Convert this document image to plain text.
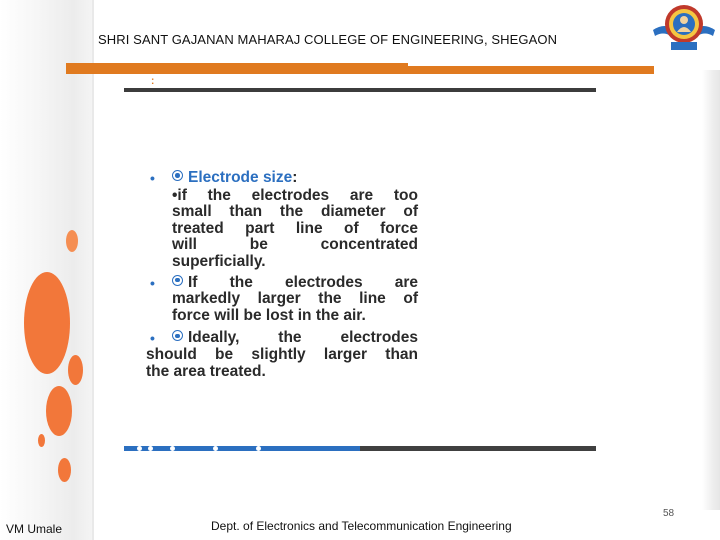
SHRI SANT GAJANAN MAHARAJ COLLEGE OF ENGINEERING, SHEGAON
:
• Electrode size:
•if the electrodes are too
small than the diameter of
treated part line of force
will be concentrated
superficially.
•	If the electrodes are
markedly larger the line of
force will be lost in the air.
•	Ideally, the electrodes
should be slightly larger than
the area treated.
VM Umale	Dept. of Electronics and Telecommunication Engineering
58
